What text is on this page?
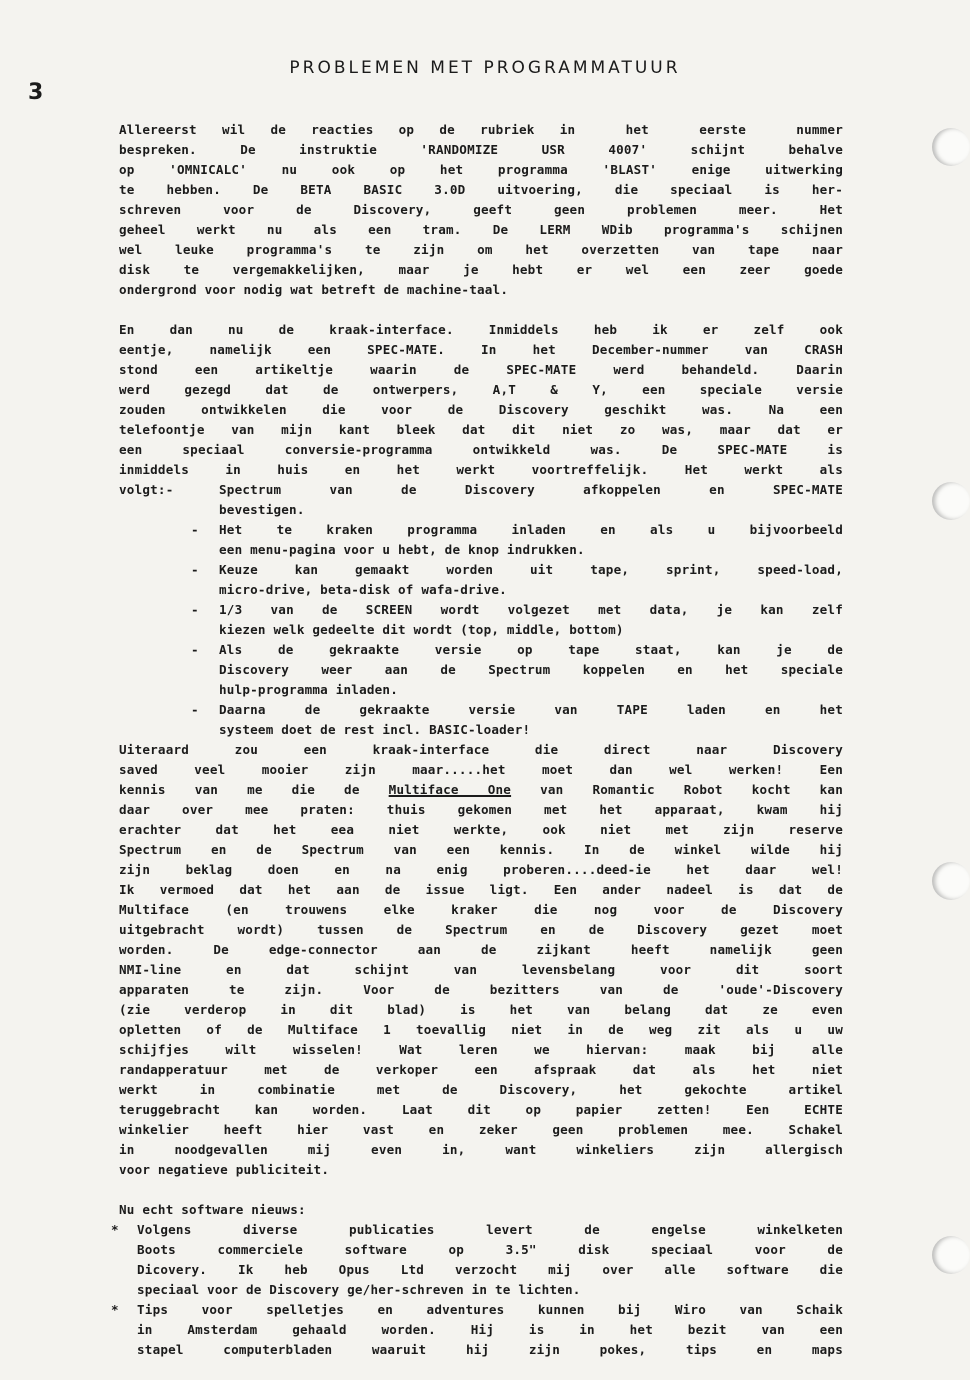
3
PROBLEMEN MET PROGRAMMATUUR
Allereerst wil de reacties op de rubriek in  het  eerste  nummer
bespreken. De instruktie 'RANDOMIZE USR 4007' schijnt behalve
op 'OMNICALC' nu ook op het programma 'BLAST' enige uitwerking
te hebben. De BETA BASIC 3.0D uitvoering, die speciaal is her-
schreven voor de Discovery, geeft geen problemen meer. Het
geheel werkt nu als een tram. De LERM WDib programma's schijnen
wel leuke programma's te zijn om het overzetten van tape naar
disk te vergemakkelijken, maar je hebt er wel een zeer goede
ondergrond voor nodig wat betreft de machine-taal.
En dan nu de kraak-interface. Inmiddels heb ik er zelf ook
eentje, namelijk een SPEC-MATE. In het December-nummer van CRASH
stond een artikeltje waarin de SPEC-MATE werd behandeld. Daarin
werd gezegd dat de ontwerpers, A,T & Y, een speciale versie
zouden ontwikkelen die voor de Discovery geschikt was. Na een
telefoontje van mijn kant bleek dat dit niet zo was, maar dat er
een speciaal conversie-programma ontwikkeld was. De SPEC-MATE is
inmiddels in huis en het werkt voortreffelijk. Het werkt als
volgt:-	Spectrum van de Discovery afkoppelen en SPEC-MATE
bevestigen.
-	Het te kraken programma inladen en als u bijvoorbeeld
een menu-pagina voor u hebt, de knop indrukken.
-	Keuze kan gemaakt worden uit tape, sprint, speed-load,
micro-drive, beta-disk of wafa-drive.
-	1/3 van de SCREEN wordt volgezet met data, je kan zelf
kiezen welk gedeelte dit wordt (top, middle, bottom)
-	Als de gekraakte versie op tape staat, kan je de
Discovery weer aan de Spectrum koppelen en het speciale
hulp-programma inladen.
-	Daarna de gekraakte versie van TAPE laden en het
systeem doet de rest incl. BASIC-loader!
Uiteraard zou een kraak-interface die direct naar Discovery
saved veel mooier zijn maar.....het moet dan wel werken! Een
kennis van me die de Multiface One van Romantic Robot kocht kan
daar over mee praten: thuis gekomen met het apparaat, kwam hij
erachter dat het eea niet werkte, ook niet met zijn reserve
Spectrum en de Spectrum van een kennis. In de winkel wilde hij
zijn beklag doen en na enig proberen....deed-ie het daar wel!
Ik vermoed dat het aan de issue ligt. Een ander nadeel is dat de
Multiface (en trouwens elke kraker die nog voor de Discovery
uitgebracht wordt) tussen de Spectrum en de Discovery gezet moet
worden. De edge-connector aan de zijkant heeft namelijk geen
NMI-line en dat schijnt van levensbelang voor dit soort
apparaten te zijn. Voor de bezitters van de 'oude'-Discovery
(zie verderop in dit blad) is het van belang dat ze even
opletten of de Multiface 1 toevallig niet in de weg zit als u uw
schijfjes wilt wisselen! Wat leren we hiervan: maak bij alle
randapperatuur met de verkoper een afspraak dat als het niet
werkt in combinatie met de Discovery, het gekochte artikel
teruggebracht kan worden. Laat dit op papier zetten! Een ECHTE
winkelier heeft hier vast en zeker geen problemen mee. Schakel
in noodgevallen mij even in, want winkeliers zijn allergisch
voor negatieve publiciteit.
Nu echt software nieuws:
* Volgens diverse publicaties levert de engelse winkelketen
Boots commerciele software op 3.5" disk speciaal voor de
Dicovery. Ik heb Opus Ltd verzocht mij over alle software die
speciaal voor de Discovery ge/her-schreven in te lichten.
* Tips voor spelletjes en adventures kunnen bij Wiro van Schaik
in Amsterdam gehaald worden. Hij is in het bezit van een
stapel computerbladen waaruit hij zijn pokes, tips en maps
